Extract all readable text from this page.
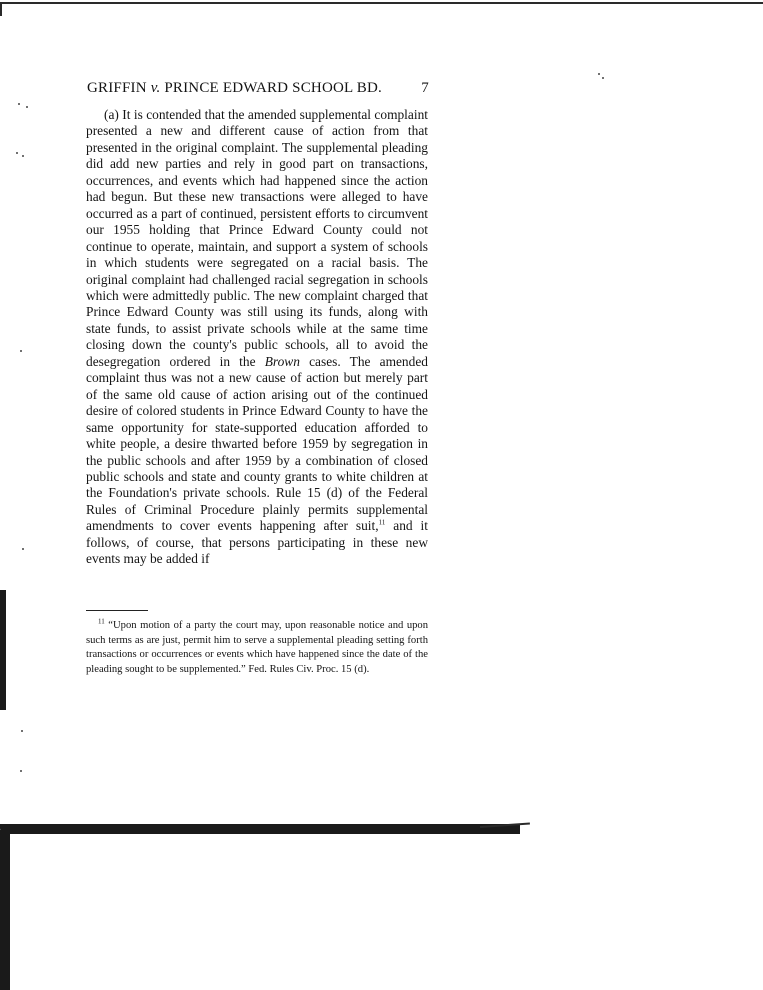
GRIFFIN v. PRINCE EDWARD SCHOOL BD.	7

(a) It is contended that the amended supplemental complaint presented a new and different cause of action from that presented in the original complaint. The supplemental pleading did add new parties and rely in good part on transactions, occurrences, and events which had happened since the action had begun. But these new transactions were alleged to have occurred as a part of continued, persistent efforts to circumvent our 1955 holding that Prince Edward County could not continue to operate, maintain, and support a system of schools in which students were segregated on a racial basis. The original complaint had challenged racial segregation in schools which were admittedly public. The new complaint charged that Prince Edward County was still using its funds, along with state funds, to assist private schools while at the same time closing down the county's public schools, all to avoid the desegregation ordered in the Brown cases. The amended complaint thus was not a new cause of action but merely part of the same old cause of action arising out of the continued desire of colored students in Prince Edward County to have the same opportunity for state-supported education afforded to white people, a desire thwarted before 1959 by segregation in the public schools and after 1959 by a combination of closed public schools and state and county grants to white children at the Foundation's private schools. Rule 15 (d) of the Federal Rules of Criminal Procedure plainly permits supplemental amendments to cover events happening after suit,$^{11}$ and it follows, of course, that persons participating in these new events may be added if

$^{11}$ “Upon motion of a party the court may, upon reasonable notice and upon such terms as are just, permit him to serve a supplemental pleading setting forth transactions or occurrences or events which have happened since the date of the pleading sought to be supplemented.” Fed. Rules Civ. Proc. 15 (d).
